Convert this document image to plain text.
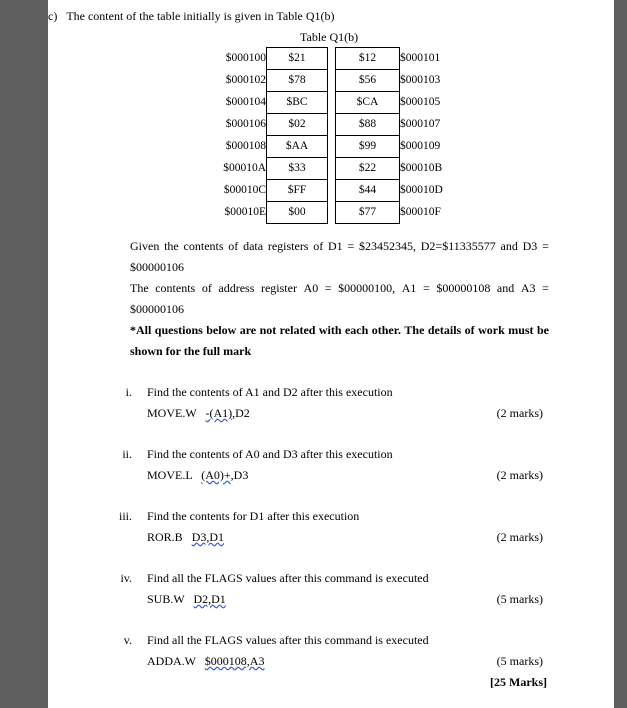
c) The content of the table initially is given in Table Q1(b)
Table Q1(b)
$000100	$21		$12	$000101
$000102	$78		$56	$000103
$000104	$BC		$CA	$000105
$000106	$02		$88	$000107
$000108	$AA		$99	$000109
$00010A	$33		$22	$00010B
$00010C	$FF		$44	$00010D
$00010E	$00		$77	$00010F
Given the contents of data registers of D1 = $23452345, D2=$11335577 and D3 =
$00000106
The contents of address register A0 = $00000100, A1 = $00000108 and A3 =
$00000106
*All questions below are not related with each other. The details of work must be
shown for the full mark
i. Find the contents of A1 and D2 after this execution
MOVE.W -(A1),D2	(2 marks)
ii. Find the contents of A0 and D3 after this execution
MOVE.L (A0)+,D3	(2 marks)
iii. Find the contents for D1 after this execution
ROR.B D3,D1	(2 marks)
iv. Find all the FLAGS values after this command is executed
SUB.W D2,D1	(5 marks)
v. Find all the FLAGS values after this command is executed
ADDA.W $000108,A3	(5 marks)
[25 Marks]
